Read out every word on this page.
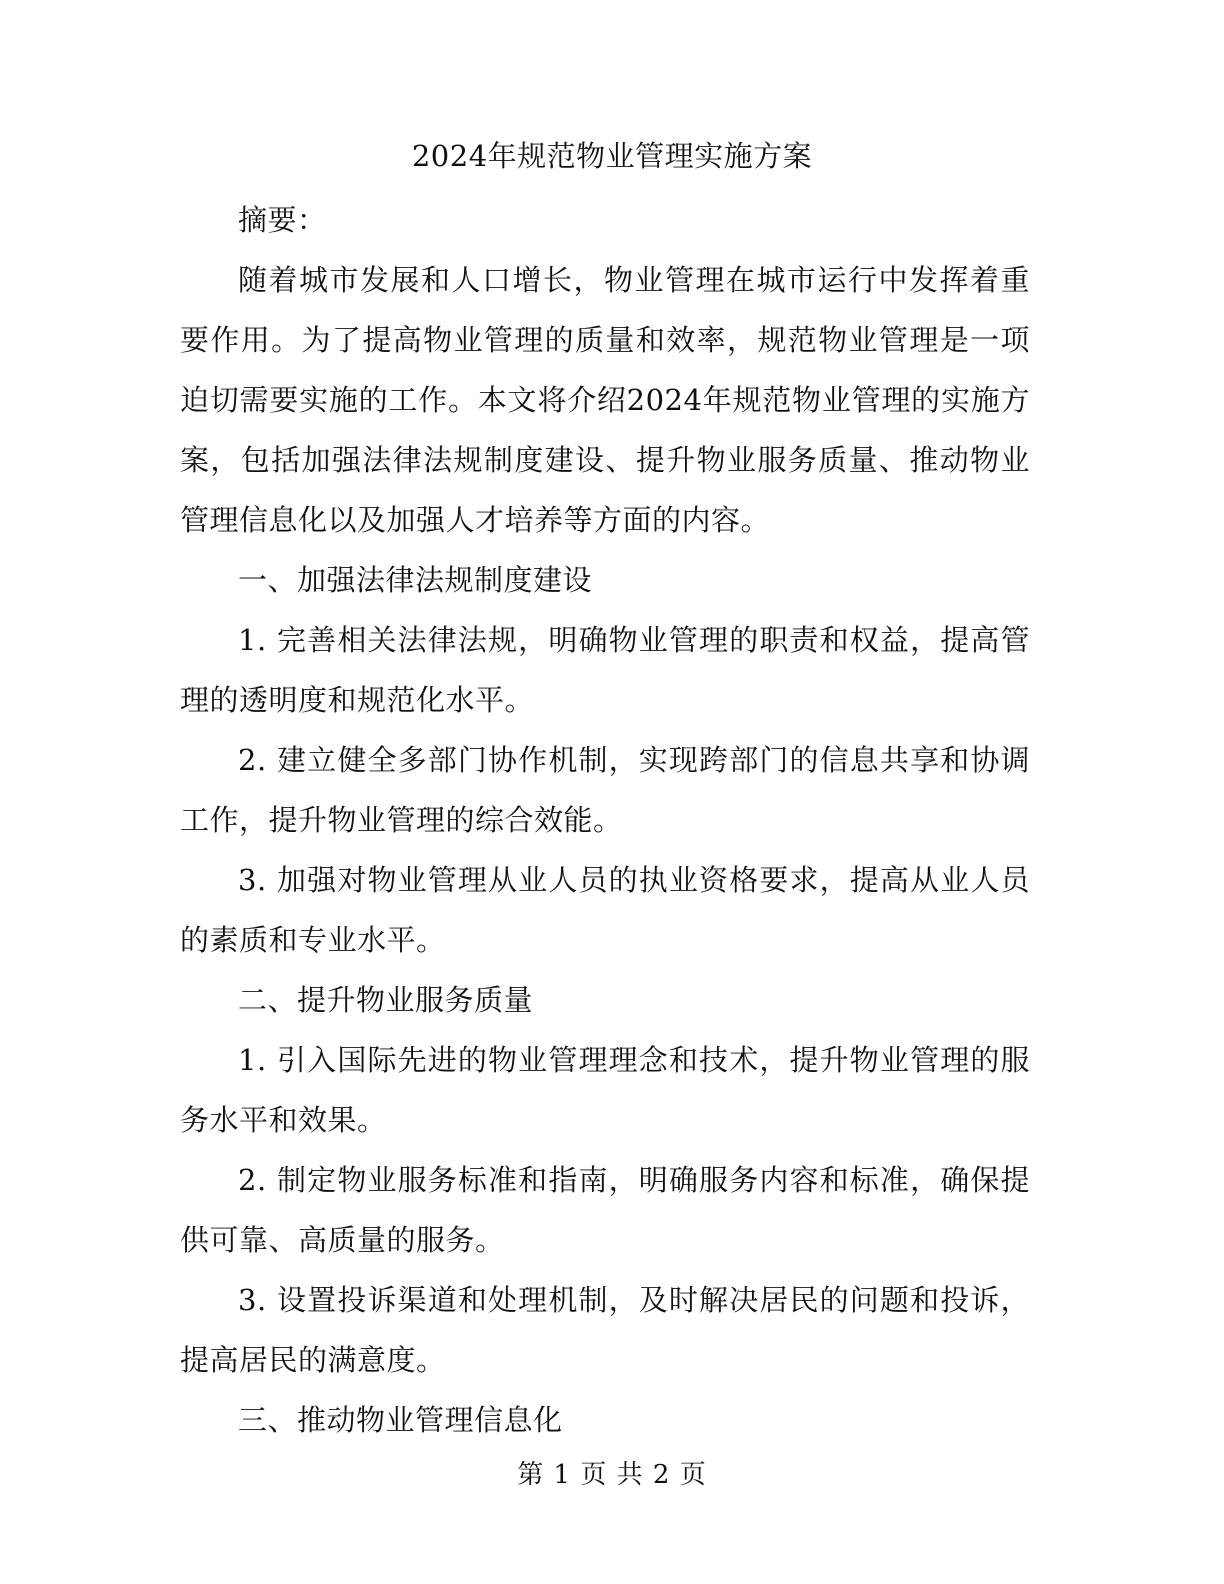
2024年规范物业管理实施方案

摘要：

随着城市发展和人口增长，物业管理在城市运行中发挥着重要作用。为了提高物业管理的质量和效率，规范物业管理是一项迫切需要实施的工作。本文将介绍2024年规范物业管理的实施方案，包括加强法律法规制度建设、提升物业服务质量、推动物业管理信息化以及加强人才培养等方面的内容。

一、加强法律法规制度建设

1. 完善相关法律法规，明确物业管理的职责和权益，提高管理的透明度和规范化水平。

2. 建立健全多部门协作机制，实现跨部门的信息共享和协调工作，提升物业管理的综合效能。

3. 加强对物业管理从业人员的执业资格要求，提高从业人员的素质和专业水平。

二、提升物业服务质量

1. 引入国际先进的物业管理理念和技术，提升物业管理的服务水平和效果。

2. 制定物业服务标准和指南，明确服务内容和标准，确保提供可靠、高质量的服务。

3. 设置投诉渠道和处理机制，及时解决居民的问题和投诉，提高居民的满意度。

三、推动物业管理信息化

第 1 页 共 2 页
